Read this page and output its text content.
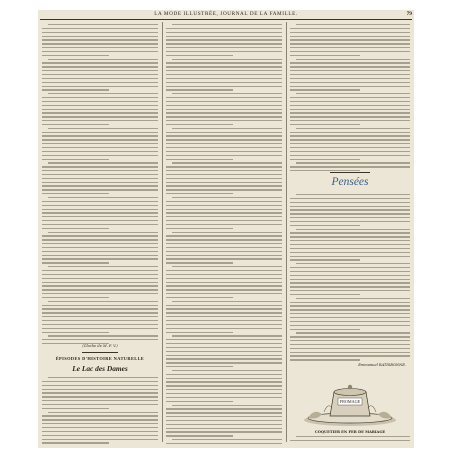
LA MODE ILLUSTRÉE, JOURNAL DE LA FAMILLE.	79
(Cloche de M. F. V.)
ÉPISODES D'HISTOIRE NATURELLE
Le Lac des Dames
Pensées
Emmanuel RATISBONNE.
FROMAGE
COQUETIER EN FER DE MARIAGE
